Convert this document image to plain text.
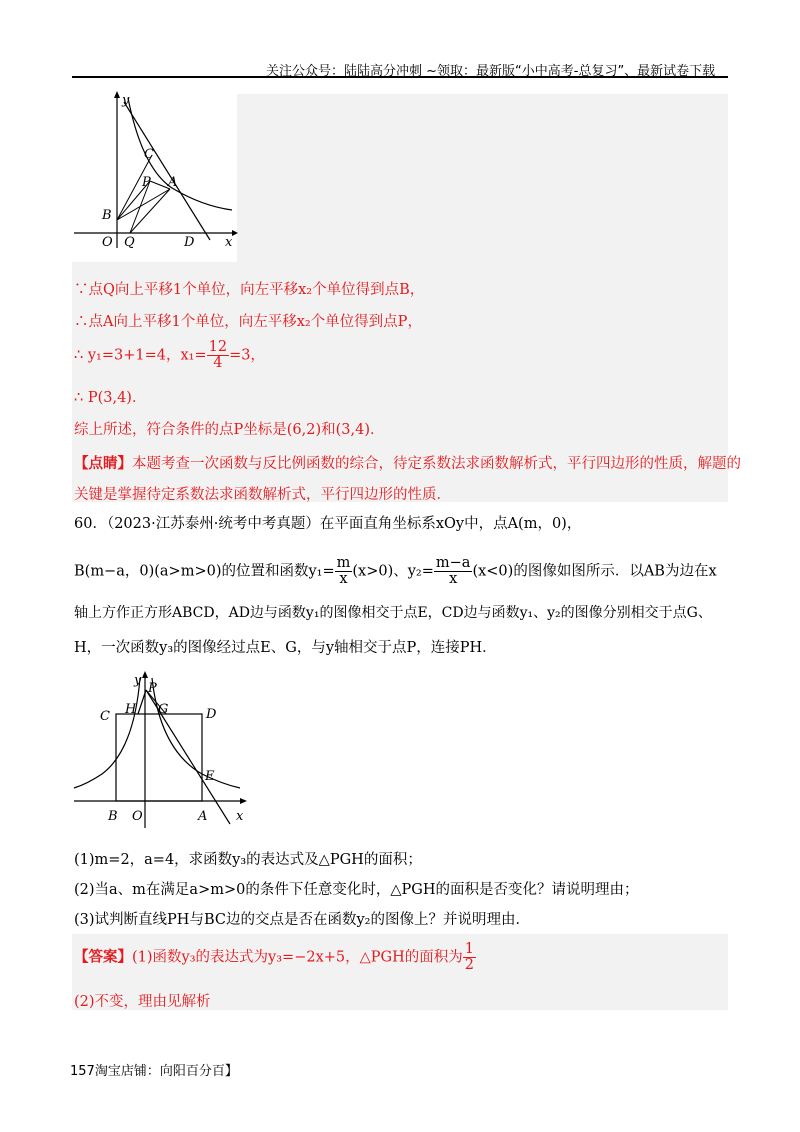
关注公众号：陆陆高分冲刺 ~领取：最新版“小中高考-总复习”、最新试卷下载
y
C
P A
B
O Q	D x
∵点Q向上平移1个单位，向左平移x₂个单位得到点B，
∴点A向上平移1个单位，向左平移x₂个单位得到点P，
∴ y₁=3+1=4，$x_1= \frac{12}{4} =3$，
∴ P(3,4)．
综上所述，符合条件的点P坐标是(6,2)和(3,4)．
【点睛】本题考查一次函数与反比例函数的综合，待定系数法求函数解析式，平行四边形的性质，解题的
关键是掌握待定系数法求函数解析式，平行四边形的性质．
60．（2023·江苏泰州·统考中考真题）在平面直角坐标系xOy中，点A(m，0)，
B(m−a，0)(a>m>0)的位置和函数$y_1= \frac{m}{x} (x>0)$、$y_2= \frac{m-a}{x} (x<0)$的图像如图所示．以AB为边在x
轴上方作正方形ABCD，AD边与函数y₁的图像相交于点E，CD边与函数y₁、y₂的图像分别相交于点G、
H，一次函数y₃的图像经过点E、G，与y轴相交于点P，连接PH．
y
P
C H G	D
E
B O	A x
(1)m=2，a=4，求函数y₃的表达式及△PGH的面积；
(2)当a、m在满足a>m>0的条件下任意变化时，△PGH的面积是否变化？请说明理由；
(3)试判断直线PH与BC边的交点是否在函数y₂的图像上？并说明理由．
【答案】(1)函数y₃的表达式为y₃=−2x+5，△PGH的面积为 $\frac{1}{2}$
(2)不变，理由见解析
157淘宝店铺：向阳百分百】
